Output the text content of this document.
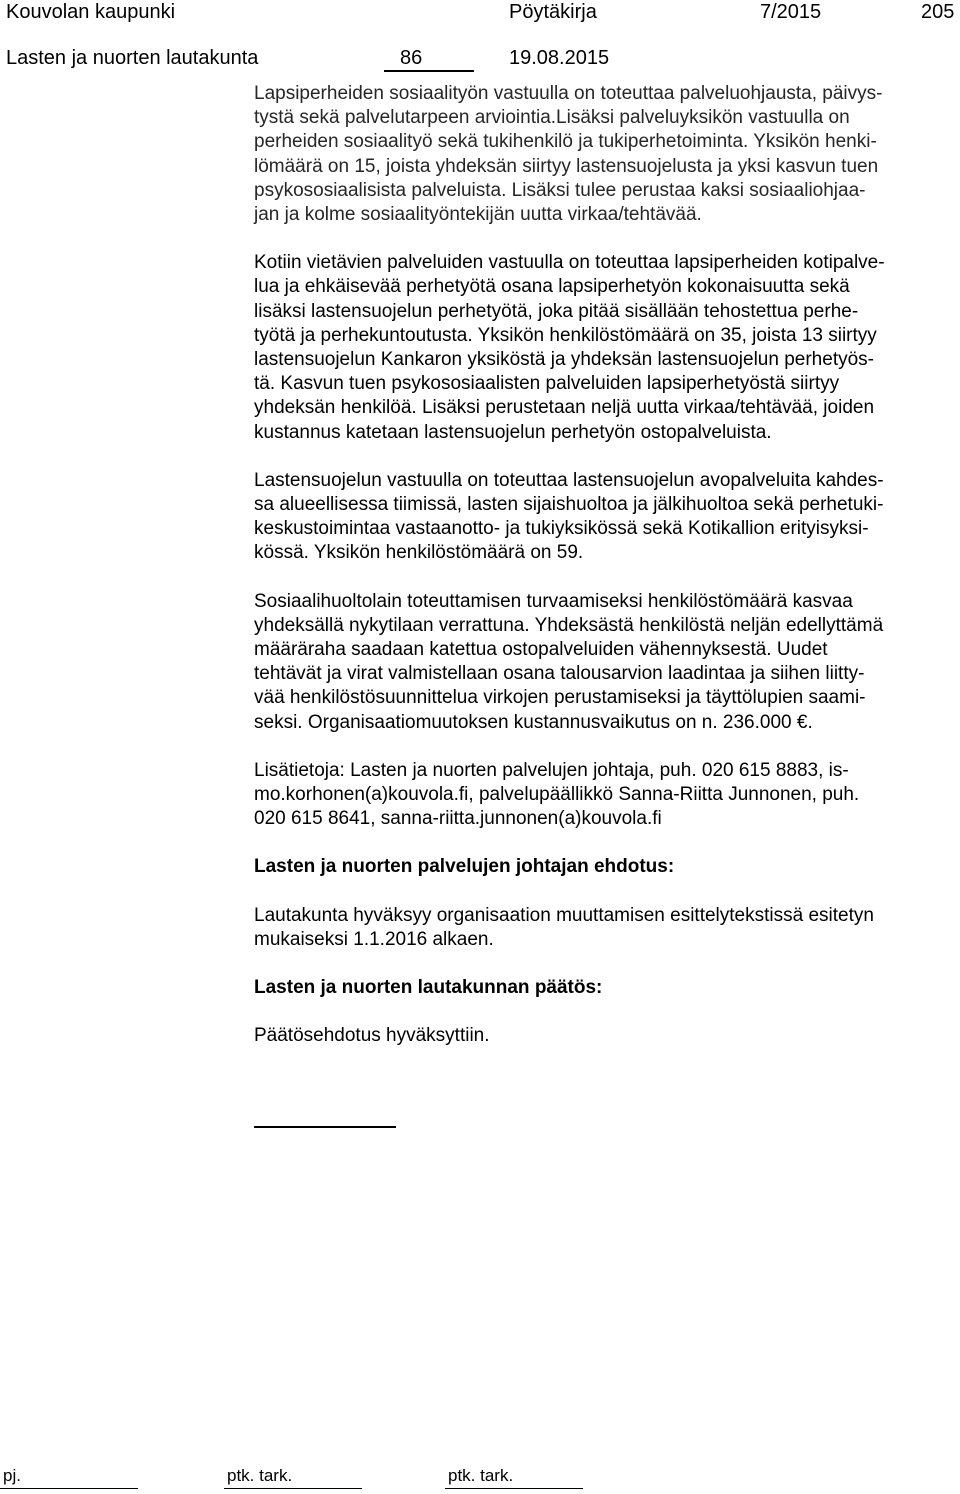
Kouvolan kaupunki	Pöytäkirja	7/2015	205
Lasten ja nuorten lautakunta	86	19.08.2015

Lapsiperheiden sosiaalityön vastuulla on toteuttaa palveluohjausta, päivys-
tystä sekä palvelutarpeen arviointia.Lisäksi palveluyksikön vastuulla on
perheiden sosiaalityö sekä tukihenkilö ja tukiperhetoiminta. Yksikön henki-
lömäärä on 15, joista yhdeksän siirtyy lastensuojelusta ja yksi kasvun tuen
psykososiaalisista palveluista. Lisäksi tulee perustaa kaksi sosiaaliohjaa-
jan ja kolme sosiaalityöntekijän uutta virkaa/tehtävää.

Kotiin vietävien palveluiden vastuulla on toteuttaa lapsiperheiden kotipalve-
lua ja ehkäisevää perhetyötä osana lapsiperhetyön kokonaisuutta sekä
lisäksi lastensuojelun perhetyötä, joka pitää sisällään tehostettua perhe-
työtä ja perhekuntoutusta. Yksikön henkilöstömäärä on 35, joista 13 siirtyy
lastensuojelun Kankaron yksiköstä ja yhdeksän lastensuojelun perhetyös-
tä. Kasvun tuen psykososiaalisten palveluiden lapsiperhetyöstä siirtyy
yhdeksän henkilöä. Lisäksi perustetaan neljä uutta virkaa/tehtävää, joiden
kustannus katetaan lastensuojelun perhetyön ostopalveluista.

Lastensuojelun vastuulla on toteuttaa lastensuojelun avopalveluita kahdes-
sa alueellisessa tiimissä, lasten sijaishuoltoa ja jälkihuoltoa sekä perhetuki-
keskustoimintaa vastaanotto- ja tukiyksikössä sekä Kotikallion erityisyksi-
kössä. Yksikön henkilöstömäärä on 59.

Sosiaalihuoltolain toteuttamisen turvaamiseksi henkilöstömäärä kasvaa
yhdeksällä nykytilaan verrattuna. Yhdeksästä henkilöstä neljän edellyttämä
määräraha saadaan katettua ostopalveluiden vähennyksestä. Uudet
tehtävät ja virat valmistellaan osana talousarvion laadintaa ja siihen liitty-
vää henkilöstösuunnittelua virkojen perustamiseksi ja täyttölupien saami-
seksi. Organisaatiomuutoksen kustannusvaikutus on n. 236.000 €.

Lisätietoja: Lasten ja nuorten palvelujen johtaja, puh. 020 615 8883, is-
mo.korhonen(a)kouvola.fi, palvelupäällikkö Sanna-Riitta Junnonen, puh.
020 615 8641, sanna-riitta.junnonen(a)kouvola.fi

Lasten ja nuorten palvelujen johtajan ehdotus:

Lautakunta hyväksyy organisaation muuttamisen esittelytekstissä esitetyn
mukaiseksi 1.1.2016 alkaen.

Lasten ja nuorten lautakunnan päätös:

Päätösehdotus hyväksyttiin.

pj.	ptk. tark.	ptk. tark.
